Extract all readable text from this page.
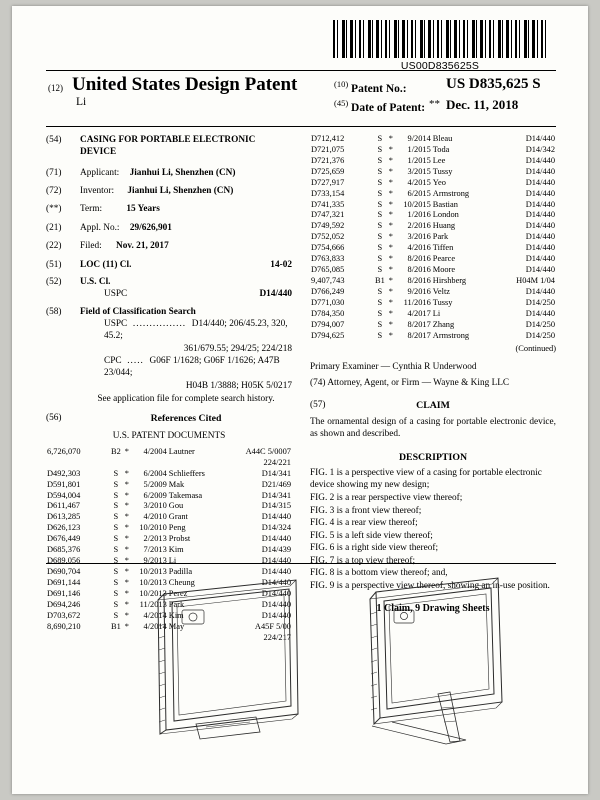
US00D835625S
(12) United States Design Patent
Li
$^{(10)}$ Patent No.:	US D835,625 S
$^{(45)}$ Date of Patent: ** Dec. 11, 2018
(54) CASING FOR PORTABLE ELECTRONIC DEVICE
(71) Applicant: Jianhui Li, Shenzhen (CN)
(72) Inventor: Jianhui Li, Shenzhen (CN)
(**) Term:	15 Years
(21) Appl. No.: 29/626,901
(22) Filed: Nov. 21, 2017
(51) LOC (11) Cl.	14-02
(52) U.S. Cl.
USPC	D14/440
(58) Field of Classification Search
USPC  ................  D14/440; 206/45.23, 320, 45.2;
361/679.55; 294/25; 224/218
CPC  .....  G06F 1/1628; G06F 1/1626; A47B 23/044;
H04B 1/3888; H05K 5/0217
See application file for complete search history.
(56)	References Cited
U.S. PATENT DOCUMENTS
6,726,070	B2	*	4/2004	Lautner	A44C 5/0007
					224/221
D492,303	S	*	6/2004	Schlieffers	D14/341
D591,801	S	*	5/2009	Mak	D21/469
D594,004	S	*	6/2009	Takemasa	D14/341
D611,467	S	*	3/2010	Gou	D14/315
D613,285	S	*	4/2010	Grant	D14/440
D626,123	S	*	10/2010	Peng	D14/324
D676,449	S	*	2/2013	Probst	D14/440
D685,376	S	*	7/2013	Kim	D14/439
D689,056	S	*	9/2013	Li	D14/440
D690,704	S	*	10/2013	Padilla	D14/440
D691,144	S	*	10/2013	Cheung	D14/440
D691,146	S	*	10/2013	Perez	D14/440
D694,246	S	*	11/2013	Park	D14/440
D703,672	S	*	4/2014	Kim	D14/440
8,690,210	B1	*	4/2014	May	A45F 5/00
					224/217
D712,412	S	*	9/2014	Bleau	D14/440
D721,075	S	*	1/2015	Toda	D14/342
D721,376	S	*	1/2015	Lee	D14/440
D725,659	S	*	3/2015	Tussy	D14/440
D727,917	S	*	4/2015	Yeo	D14/440
D733,154	S	*	6/2015	Armstrong	D14/440
D741,335	S	*	10/2015	Bastian	D14/440
D747,321	S	*	1/2016	London	D14/440
D749,592	S	*	2/2016	Huang	D14/440
D752,052	S	*	3/2016	Park	D14/440
D754,666	S	*	4/2016	Tiffen	D14/440
D763,833	S	*	8/2016	Pearce	D14/440
D765,085	S	*	8/2016	Moore	D14/440
9,407,743	B1	*	8/2016	Hirshberg	H04M 1/04
D766,249	S	*	9/2016	Veltz	D14/440
D771,030	S	*	11/2016	Tussy	D14/250
D784,350	S	*	4/2017	Li	D14/440
D794,007	S	*	8/2017	Zhang	D14/250
D794,625	S	*	8/2017	Armstrong	D14/250
(Continued)
Primary Examiner — Cynthia R Underwood
(74) Attorney, Agent, or Firm — Wayne & King LLC
(57)	CLAIM
The ornamental design of a casing for portable electronic device, as shown and described.
DESCRIPTION
FIG. 1 is a perspective view of a casing for portable electronic device showing my new design;
FIG. 2 is a rear perspective view thereof;
FIG. 3 is a front view thereof;
FIG. 4 is a rear view thereof;
FIG. 5 is a left side view thereof;
FIG. 6 is a right side view thereof;
FIG. 7 is a top view thereof;
FIG. 8 is a bottom view thereof; and,
FIG. 9 is a perspective view thereof, showing an in-use position.
1 Claim, 9 Drawing Sheets
